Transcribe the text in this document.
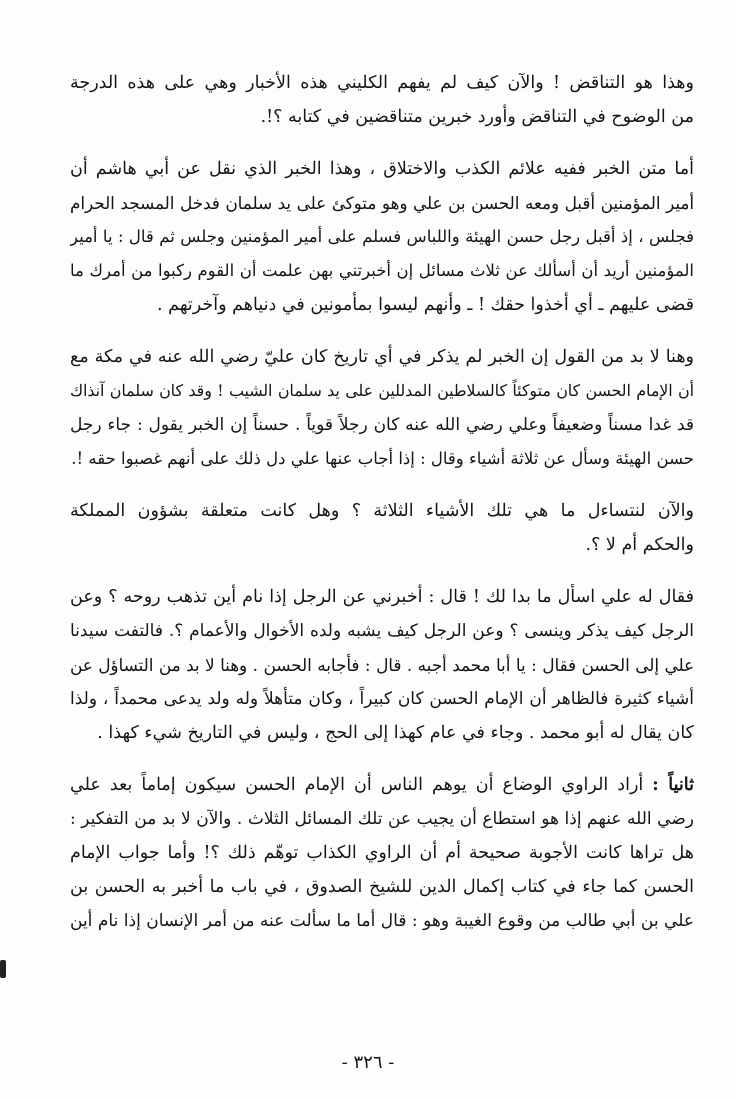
وهذا هو التناقض ! والآن كيف لم يفهم الكليني هذه الأخبار وهي على هذه الدرجة
من الوضوح في التناقض وأورد خبرين متناقضين في كتابه ؟!.

أما متن الخبر ففيه علائم الكذب والاختلاق ، وهذا الخبر الذي نقل عن أبي هاشم أن
أمير المؤمنين أقبل ومعه الحسن بن علي وهو متوكئ على يد سلمان فدخل المسجد الحرام
فجلس ، إذ أقبل رجل حسن الهيئة واللباس فسلم على أمير المؤمنين وجلس ثم قال : يا أمير
المؤمنين أريد أن أسألك عن ثلاث مسائل إن أخبرتني بهن علمت أن القوم ركبوا من أمرك ما
قضى عليهم ـ أي أخذوا حقك ! ـ وأنهم ليسوا بمأمونين في دنياهم وآخرتهم .

وهنا لا بد من القول إن الخبر لم يذكر في أي تاريخ كان عليّ رضي الله عنه في مكة مع
أن الإمام الحسن كان متوكئاً كالسلاطين المدللين على يد سلمان الشيب ! وقد كان سلمان آنذاك
قد غدا مسناً وضعيفاً وعلي رضي الله عنه كان رجلاً قوياً . حسناً إن الخبر يقول : جاء رجل
حسن الهيئة وسأل عن ثلاثة أشياء وقال : إذا أجاب عنها علي دل ذلك على أنهم غصبوا حقه !.

والآن لنتساءل ما هي تلك الأشياء الثلاثة ؟ وهل كانت متعلقة بشؤون المملكة
والحكم أم لا ؟.

فقال له علي اسأل ما بدا لك ! قال : أخبرني عن الرجل إذا نام أين تذهب روحه ؟ وعن
الرجل كيف يذكر وينسى ؟ وعن الرجل كيف يشبه ولده الأخوال والأعمام ؟. فالتفت سيدنا
علي إلى الحسن فقال : يا أبا محمد أجبه . قال : فأجابه الحسن . وهنا لا بد من التساؤل عن
أشياء كثيرة فالظاهر أن الإمام الحسن كان كبيراً ، وكان متأهلاً وله ولد يدعى محمداً ، ولذا
كان يقال له أبو محمد . وجاء في عام كهذا إلى الحج ، وليس في التاريخ شيء كهذا .

ثانياً : أراد الراوي الوضاع أن يوهم الناس أن الإمام الحسن سيكون إماماً بعد علي
رضي الله عنهم إذا هو استطاع أن يجيب عن تلك المسائل الثلاث . والآن لا بد من التفكير :
هل تراها كانت الأجوبة صحيحة أم أن الراوي الكذاب توهّم ذلك ؟! وأما جواب الإمام
الحسن كما جاء في كتاب إكمال الدين للشيخ الصدوق ، في باب ما أخبر به الحسن بن
علي بن أبي طالب من وقوع الغيبة وهو : قال أما ما سألت عنه من أمر الإنسان إذا نام أين

- ٣٢٦ -
